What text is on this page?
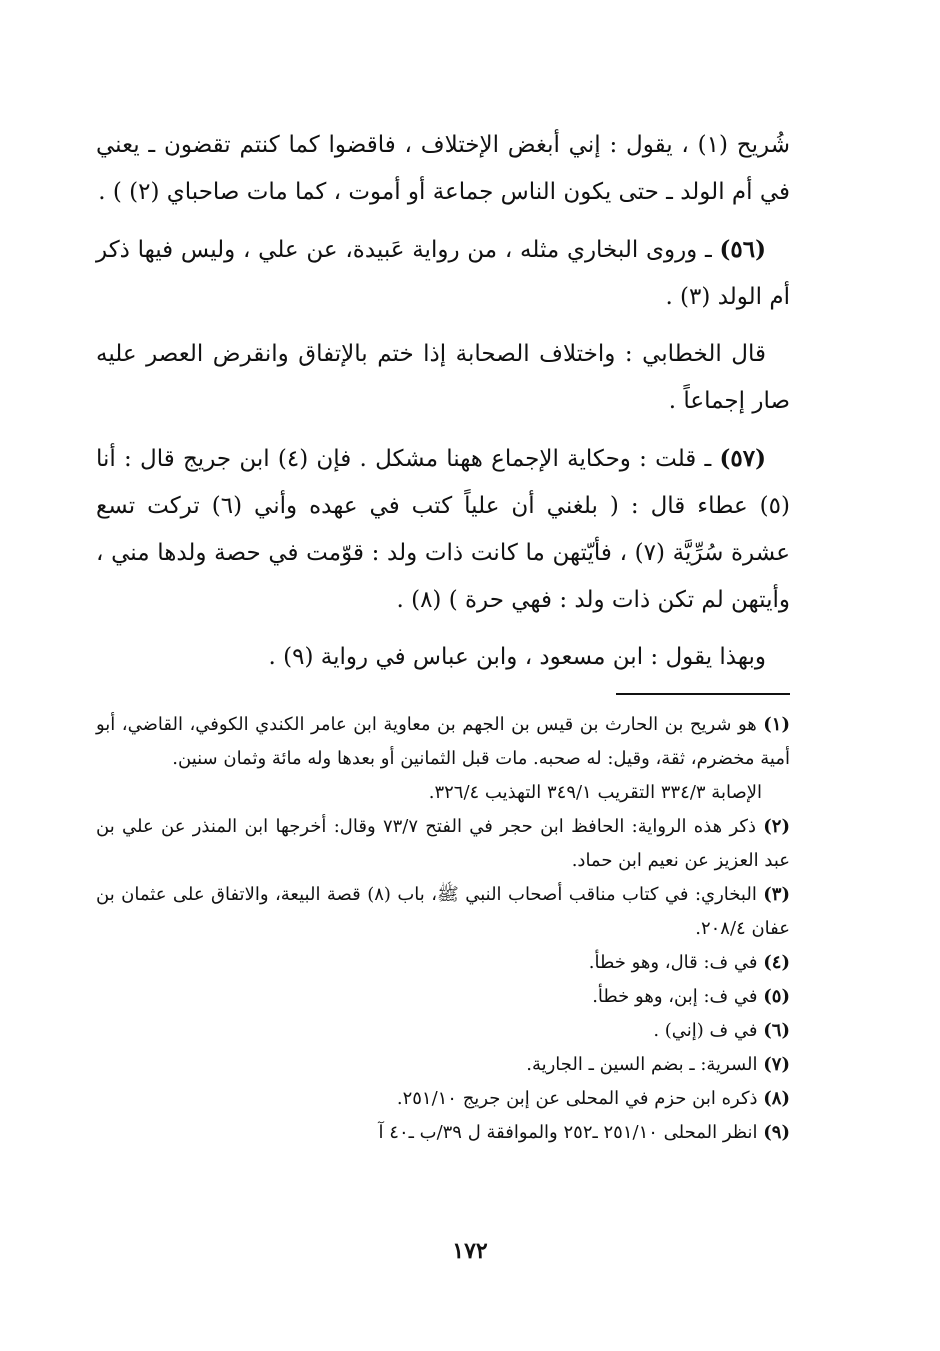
شُريح (١) ، يقول : إني أبغض الإختلاف ، فاقضوا كما كنتم تقضون ـ يعني في أم الولد ـ حتى يكون الناس جماعة أو أموت ، كما مات صاحباي (٢) ) .

(٥٦) ـ وروى البخاري مثله ، من رواية عَبيدة، عن علي ، وليس فيها ذكر أم الولد (٣) .

قال الخطابي : واختلاف الصحابة إذا ختم بالإتفاق وانقرض العصر عليه صار إجماعاً .

(٥٧) ـ قلت : وحكاية الإجماع ههنا مشكل . فإن (٤) ابن جريج قال : أنا (٥) عطاء قال : ( بلغني أن علياً كتب في عهده وأني (٦) تركت تسع عشرة سُرِّيَّة (٧) ، فأيّتهن ما كانت ذات ولد : قوّمت في حصة ولدها مني ، وأيتهن لم تكن ذات ولد : فهي حرة ) (٨) .

وبهذا يقول : ابن مسعود ، وابن عباس في رواية (٩) .

(١) هو شريح بن الحارث بن قيس بن الجهم بن معاوية ابن عامر الكندي الكوفي، القاضي، أبو أمية مخضرم، ثقة، وقيل: له صحبه. مات قبل الثمانين أو بعدها وله مائة وثمان سنين.
الإصابة ٣٣٤/٣ التقريب ٣٤٩/١ التهذيب ٣٢٦/٤.
(٢) ذكر هذه الرواية: الحافظ ابن حجر في الفتح ٧٣/٧ وقال: أخرجها ابن المنذر عن علي بن عبد العزيز عن نعيم ابن حماد.
(٣) البخاري: في كتاب مناقب أصحاب النبي ﷺ، باب (٨) قصة البيعة، والاتفاق على عثمان بن عفان ٢٠٨/٤.
(٤) في ف: قال، وهو خطأ.
(٥) في ف: إبن، وهو خطأ.
(٦) في ف (إني) .
(٧) السرية: ـ بضم السين ـ الجارية.
(٨) ذكره ابن حزم في المحلى عن إبن جريج ٢٥١/١٠.
(٩) انظر المحلى ٢٥١/١٠ ـ٢٥٢ والموافقة ل ٣٩/ب ـ٤٠ آ
١٧٢
